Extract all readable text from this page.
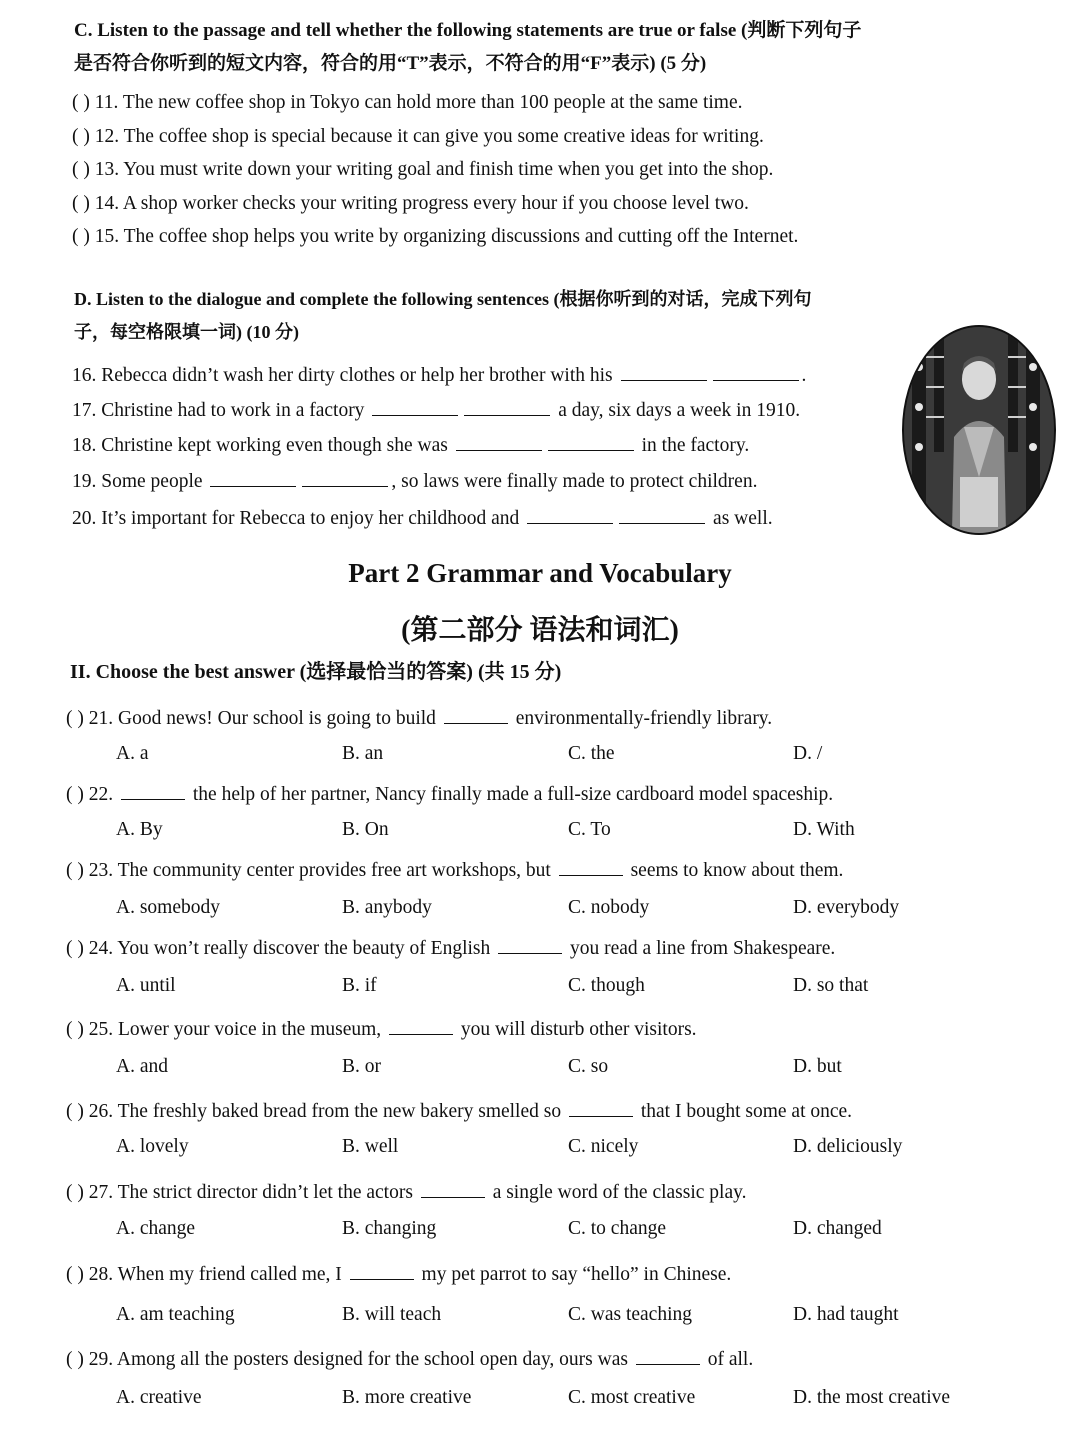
C. Listen to the passage and tell whether the following statements are true or false (判断下列句子
是否符合你听到的短文内容，符合的用“T”表示，不符合的用“F”表示) (5 分)
( ) 11. The new coffee shop in Tokyo can hold more than 100 people at the same time.
( ) 12. The coffee shop is special because it can give you some creative ideas for writing.
( ) 13. You must write down your writing goal and finish time when you get into the shop.
( ) 14. A shop worker checks your writing progress every hour if you choose level two.
( ) 15. The coffee shop helps you write by organizing discussions and cutting off the Internet.
D. Listen to the dialogue and complete the following sentences (根据你听到的对话，完成下列句
子，每空格限填一词) (10 分)
16. Rebecca didn’t wash her dirty clothes or help her brother with his	.
17. Christine had to work in a factory	a day, six days a week in 1910.
18. Christine kept working even though she was	in the factory.
19. Some people	, so laws were finally made to protect children.
20. It’s important for Rebecca to enjoy her childhood and	as well.
Part 2 Grammar and Vocabulary
(第二部分 语法和词汇)
II. Choose the best answer (选择最恰当的答案) (共 15 分)
( ) 21. Good news! Our school is going to build	environmentally-friendly library.
A. a	B. an	C. the	D. /
( ) 22.	the help of her partner, Nancy finally made a full-size cardboard model spaceship.
A. By	B. On	C. To	D. With
( ) 23. The community center provides free art workshops, but	seems to know about them.
A. somebody	B. anybody	C. nobody	D. everybody
( ) 24. You won’t really discover the beauty of English	you read a line from Shakespeare.
A. until	B. if	C. though	D. so that
( ) 25. Lower your voice in the museum,	you will disturb other visitors.
A. and	B. or	C. so	D. but
( ) 26. The freshly baked bread from the new bakery smelled so	that I bought some at once.
A. lovely	B. well	C. nicely	D. deliciously
( ) 27. The strict director didn’t let the actors	a single word of the classic play.
A. change	B. changing	C. to change	D. changed
( ) 28. When my friend called me, I	my pet parrot to say “hello” in Chinese.
A. am teaching	B. will teach	C. was teaching	D. had taught
( ) 29. Among all the posters designed for the school open day, ours was	of all.
A. creative	B. more creative	C. most creative	D. the most creative
